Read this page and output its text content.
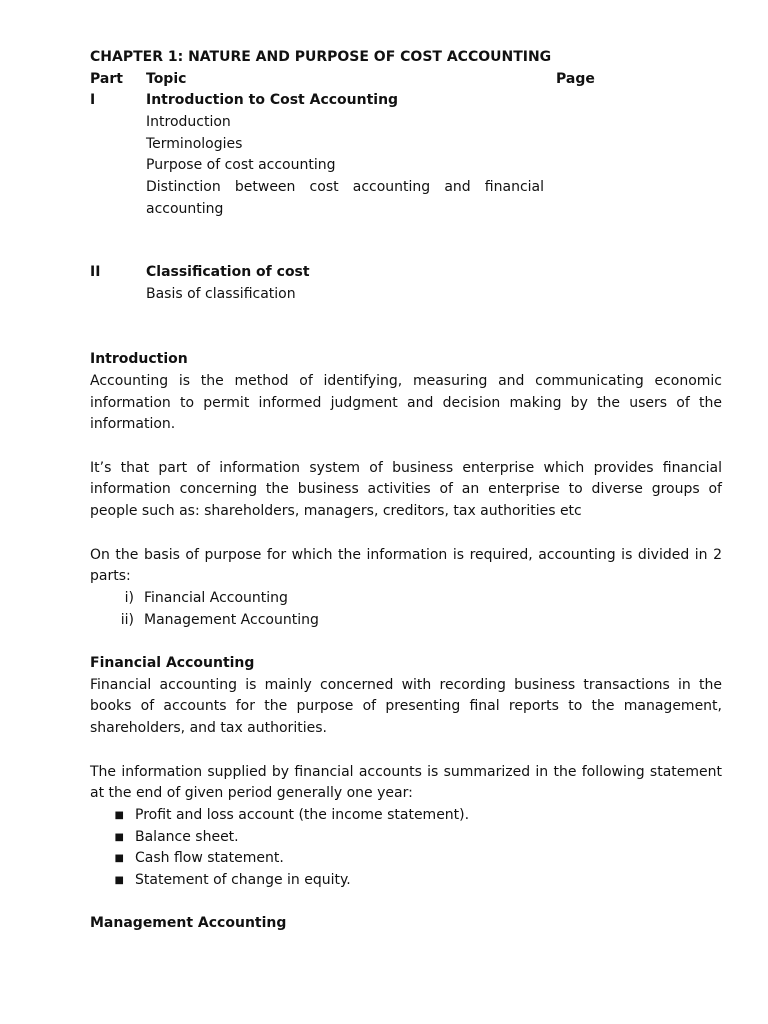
CHAPTER 1: NATURE AND PURPOSE OF COST ACCOUNTING
Part	Topic	Page
I	Introduction to Cost Accounting
Introduction
Terminologies
Purpose of cost accounting
Distinction between cost accounting and financial accounting
II	Classification of cost
Basis of classification
Introduction
Accounting is the method of identifying, measuring and communicating economic information to permit informed judgment and decision making by the users of the information.
It’s that part of information system of business enterprise which provides financial information concerning the business activities of an enterprise to diverse groups of people such as: shareholders, managers, creditors, tax authorities etc
On the basis of purpose for which the information is required, accounting is divided in 2 parts:
i) Financial Accounting
ii) Management Accounting
Financial Accounting
Financial accounting is mainly concerned with recording business transactions in the books of accounts for the purpose of presenting final reports to the management, shareholders, and tax authorities.
The information supplied by financial accounts is summarized in the following statement at the end of given period generally one year:
■ Profit and loss account (the income statement).
■ Balance sheet.
■ Cash flow statement.
■ Statement of change in equity.
Management Accounting
